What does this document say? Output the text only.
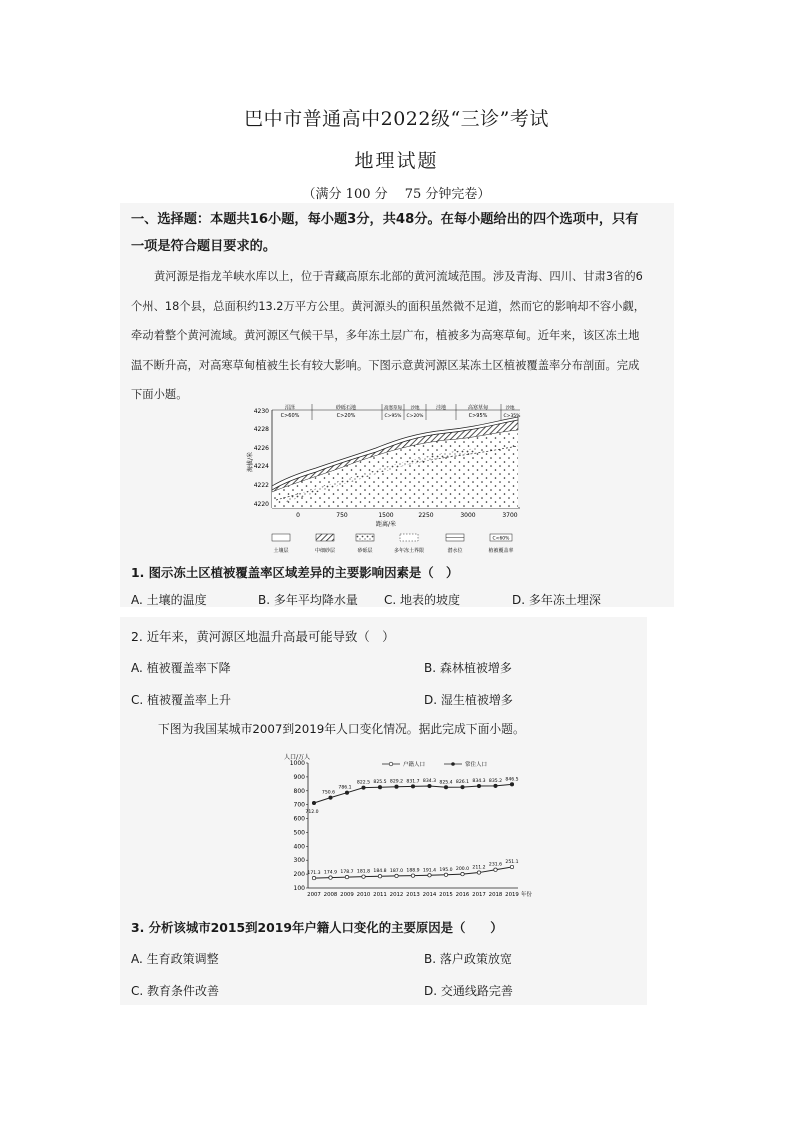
巴中市普通高中2022级“三诊”考试
地理试题
（满分 100 分　 75 分钟完卷）
一、选择题：本题共16小题，每小题3分，共48分。在每小题给出的四个选项中，只有
一项是符合题目要求的。
黄河源是指龙羊峡水库以上，位于青藏高原东北部的黄河流域范围。涉及青海、四川、甘肃3省的6个州、18个县，总面积约13.2万平方公里。黄河源头的面积虽然微不足道，然而它的影响却不容小觑，牵动着整个黄河流域。黄河源区气候干旱，多年冻土层广布，植被多为高寒草甸。近年来，该区冻土地温不断升高，对高寒草甸植被生长有较大影响。下图示意黄河源区某冻土区植被覆盖率分布剖面。完成下面小题。
4220
4222
4224
4226
4228
4230
海拔/米
0	750	1500	2250	3000	3700
距离/米
沼泽
C>60%
砂砾石地
C>20%
高寒草甸
C>95%
沙地
C>20%
洼地	高寒草甸
C>95%
沙地
C>35%
土壤层	中细砂层	砂砾层	多年冻土界限	潜水位
C<60%
植被覆盖率
1. 图示冻土区植被覆盖率区域差异的主要影响因素是（　）
A. 土壤的温度	B. 多年平均降水量 C. 地表的坡度	D. 多年冻土埋深
2. 近年来，黄河源区地温升高最可能导致（　）
A. 植被覆盖率下降	B. 森林植被增多
C. 植被覆盖率上升	D. 湿生植被增多
下图为我国某城市2007到2019年人口变化情况。据此完成下面小题。
人口/万人
100
200
300
400
500
600
700
800
900
1000
2007 2008 2009 2010 2011 2012 2013 2014 2015 2016 2017 2018 2019 年份
171.3 174.9 178.7 181.8 184.8 187.0 188.9 191.4 195.0 200.0 211.2
231.6
251.1
712.0
750.6
786.1
822.5 825.5 829.2 831.7 834.3 825.4 826.1 834.3 835.2 846.5
户籍人口	常住人口
3. 分析该城市2015到2019年户籍人口变化的主要原因是（　　）
A. 生育政策调整	B. 落户政策放宽
C. 教育条件改善	D. 交通线路完善
